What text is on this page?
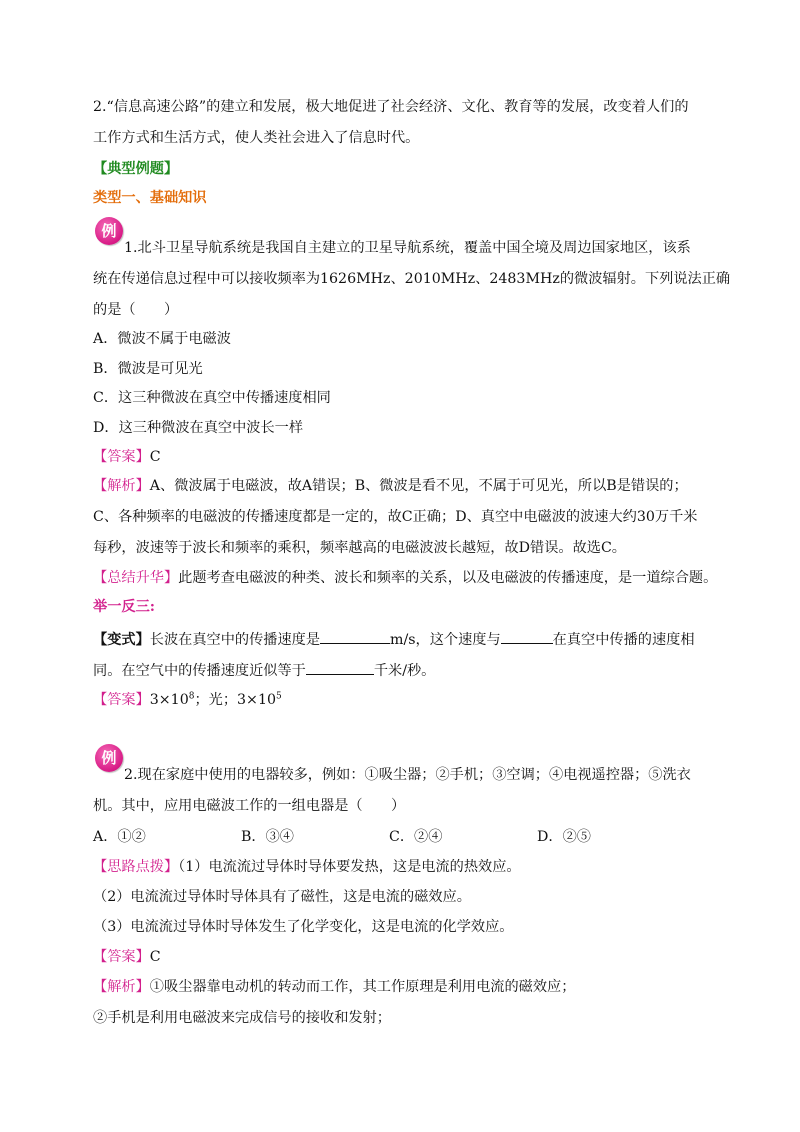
2.“信息高速公路”的建立和发展，极大地促进了社会经济、文化、教育等的发展，改变着人们的
工作方式和生活方式，使人类社会进入了信息时代。
【典型例题】
类型一、基础知识
例
1.北斗卫星导航系统是我国自主建立的卫星导航系统，覆盖中国全境及周边国家地区，该系
统在传递信息过程中可以接收频率为1626MHz、2010MHz、2483MHz的微波辐射。下列说法正确
的是（　　）
A．微波不属于电磁波
B．微波是可见光
C．这三种微波在真空中传播速度相同
D．这三种微波在真空中波长一样
【答案】C
【解析】A、微波属于电磁波，故A错误；B、微波是看不见，不属于可见光，所以B是错误的；
C、各种频率的电磁波的传播速度都是一定的，故C正确；D、真空中电磁波的波速大约30万千米
每秒，波速等于波长和频率的乘积，频率越高的电磁波波长越短，故D错误。故选C。
【总结升华】此题考查电磁波的种类、波长和频率的关系，以及电磁波的传播速度，是一道综合题。
举一反三:
【变式】长波在真空中的传播速度是	m/s，这个速度与	在真空中传播的速度相
同。在空气中的传播速度近似等于	千米/秒。
【答案】$3\times 10^8$；光；$3\times 10^5$
例
2.现在家庭中使用的电器较多，例如：①吸尘器；②手机；③空调；④电视遥控器；⑤洗衣
机。其中，应用电磁波工作的一组电器是（　　）
A．①②	B．③④	C．②④	D．②⑤
【思路点拨】（1）电流流过导体时导体要发热，这是电流的热效应。
（2）电流流过导体时导体具有了磁性，这是电流的磁效应。
（3）电流流过导体时导体发生了化学变化，这是电流的化学效应。
【答案】C
【解析】①吸尘器靠电动机的转动而工作，其工作原理是利用电流的磁效应；
②手机是利用电磁波来完成信号的接收和发射；
